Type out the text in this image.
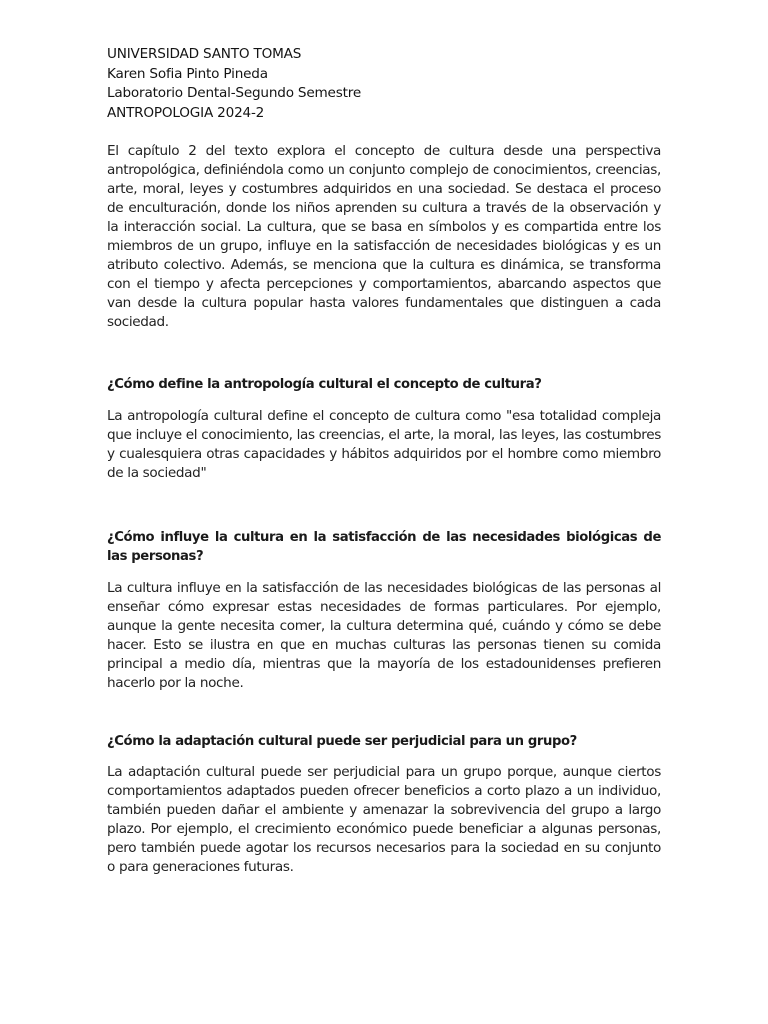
UNIVERSIDAD SANTO TOMAS
Karen Sofia Pinto Pineda
Laboratorio Dental-Segundo Semestre
ANTROPOLOGIA 2024-2

El capítulo 2 del texto explora el concepto de cultura desde una perspectiva antropológica, definiéndola como un conjunto complejo de conocimientos, creencias, arte, moral, leyes y costumbres adquiridos en una sociedad. Se destaca el proceso de enculturación, donde los niños aprenden su cultura a través de la observación y la interacción social. La cultura, que se basa en símbolos y es compartida entre los miembros de un grupo, influye en la satisfacción de necesidades biológicas y es un atributo colectivo. Además, se menciona que la cultura es dinámica, se transforma con el tiempo y afecta percepciones y comportamientos, abarcando aspectos que van desde la cultura popular hasta valores fundamentales que distinguen a cada sociedad.

¿Cómo define la antropología cultural el concepto de cultura?

La antropología cultural define el concepto de cultura como "esa totalidad compleja que incluye el conocimiento, las creencias, el arte, la moral, las leyes, las costumbres y cualesquiera otras capacidades y hábitos adquiridos por el hombre como miembro de la sociedad"

¿Cómo influye la cultura en la satisfacción de las necesidades biológicas de las personas?

La cultura influye en la satisfacción de las necesidades biológicas de las personas al enseñar cómo expresar estas necesidades de formas particulares. Por ejemplo, aunque la gente necesita comer, la cultura determina qué, cuándo y cómo se debe hacer. Esto se ilustra en que en muchas culturas las personas tienen su comida principal a medio día, mientras que la mayoría de los estadounidenses prefieren hacerlo por la noche.

¿Cómo la adaptación cultural puede ser perjudicial para un grupo?

La adaptación cultural puede ser perjudicial para un grupo porque, aunque ciertos comportamientos adaptados pueden ofrecer beneficios a corto plazo a un individuo, también pueden dañar el ambiente y amenazar la sobrevivencia del grupo a largo plazo. Por ejemplo, el crecimiento económico puede beneficiar a algunas personas, pero también puede agotar los recursos necesarios para la sociedad en su conjunto o para generaciones futuras.
